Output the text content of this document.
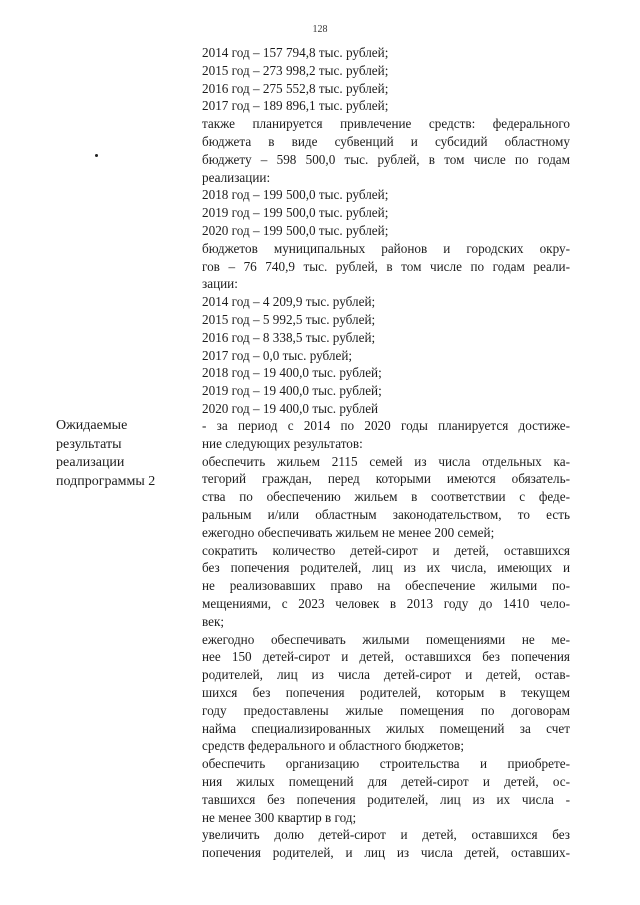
128
2014 год – 157 794,8 тыс. рублей;
2015 год – 273 998,2 тыс. рублей;
2016 год – 275 552,8 тыс. рублей;
2017 год – 189 896,1 тыс. рублей;
также планируется привлечение средств: федерального
бюджета в виде субвенций и субсидий областному
бюджету – 598 500,0 тыс. рублей, в том числе по годам
реализации:
2018 год – 199 500,0 тыс. рублей;
2019 год – 199 500,0 тыс. рублей;
2020 год – 199 500,0 тыс. рублей;
бюджетов муниципальных районов и городских окру-
гов – 76 740,9 тыс. рублей, в том числе по годам реали-
зации:
2014 год – 4 209,9 тыс. рублей;
2015 год – 5 992,5 тыс. рублей;
2016 год – 8 338,5 тыс. рублей;
2017 год – 0,0 тыс. рублей;
2018 год – 19 400,0 тыс. рублей;
2019 год – 19 400,0 тыс. рублей;
2020 год – 19 400,0 тыс. рублей
Ожидаемые
результаты
реализации
подпрограммы 2
- за период с 2014 по 2020 годы планируется достиже-
ние следующих результатов:
обеспечить жильем 2115 семей из числа отдельных ка-
тегорий граждан, перед которыми имеются обязатель-
ства по обеспечению жильем в соответствии с феде-
ральным и/или областным законодательством, то есть
ежегодно обеспечивать жильем не менее 200 семей;
сократить количество детей-сирот и детей, оставшихся
без попечения родителей, лиц из их числа, имеющих и
не реализовавших право на обеспечение жилыми по-
мещениями, с 2023 человек в 2013 году до 1410 чело-
век;
ежегодно обеспечивать жилыми помещениями не ме-
нее 150 детей-сирот и детей, оставшихся без попечения
родителей, лиц из числа детей-сирот и детей, остав-
шихся без попечения родителей, которым в текущем
году предоставлены жилые помещения по договорам
найма специализированных жилых помещений за счет
средств федерального и областного бюджетов;
обеспечить организацию строительства и приобрете-
ния жилых помещений для детей-сирот и детей, ос-
тавшихся без попечения родителей, лиц из их числа -
не менее 300 квартир в год;
увеличить долю детей-сирот и детей, оставшихся без
попечения родителей, и лиц из числа детей, оставших-
